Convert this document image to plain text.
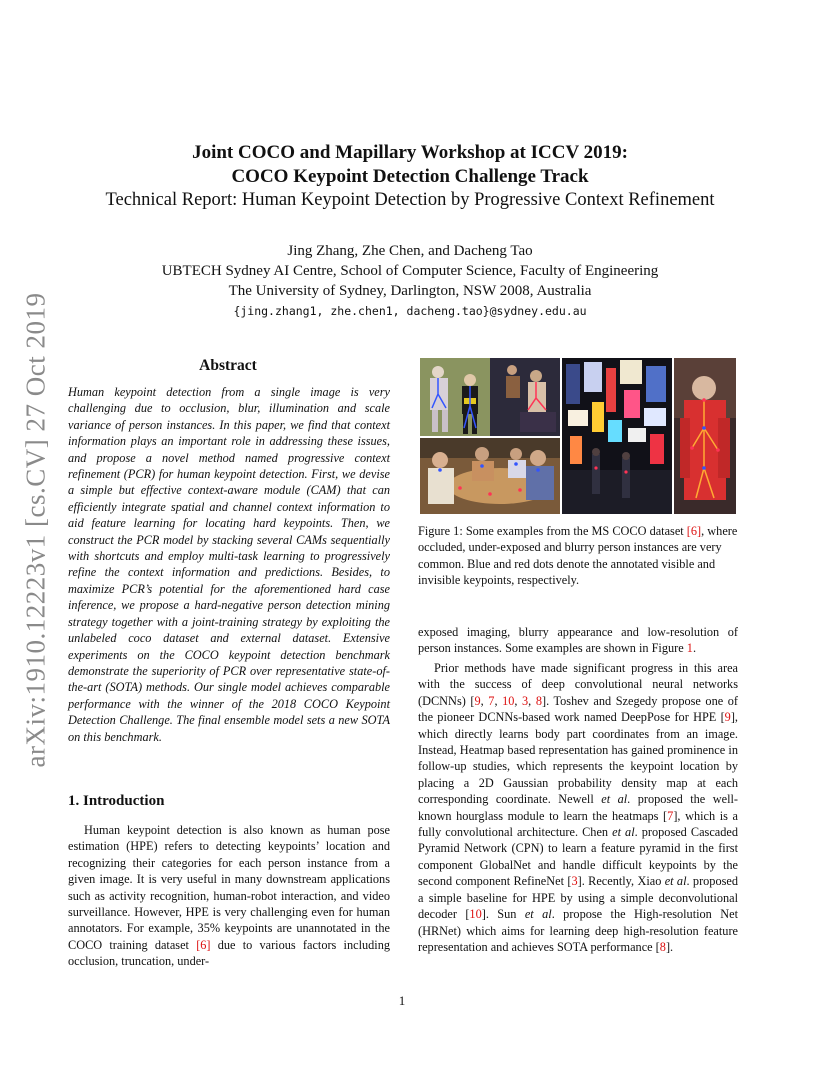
arXiv:1910.12223v1 [cs.CV] 27 Oct 2019
Joint COCO and Mapillary Workshop at ICCV 2019:
COCO Keypoint Detection Challenge Track
Technical Report: Human Keypoint Detection by Progressive Context Refinement
Jing Zhang, Zhe Chen, and Dacheng Tao
UBTECH Sydney AI Centre, School of Computer Science, Faculty of Engineering
The University of Sydney, Darlington, NSW 2008, Australia
{jing.zhang1, zhe.chen1, dacheng.tao}@sydney.edu.au
Abstract

Human keypoint detection from a single image is very challenging due to occlusion, blur, illumination and scale variance of person instances. In this paper, we find that context information plays an important role in addressing these issues, and propose a novel method named progressive context refinement (PCR) for human keypoint detection. First, we devise a simple but effective context-aware module (CAM) that can efficiently integrate spatial and channel context information to aid feature learning for locating hard keypoints. Then, we construct the PCR model by stacking several CAMs sequentially with shortcuts and employ multi-task learning to progressively refine the context information and predictions. Besides, to maximize PCR’s potential for the aforementioned hard case inference, we propose a hard-negative person detection mining strategy together with a joint-training strategy by exploiting the unlabeled coco dataset and external dataset. Extensive experiments on the COCO keypoint detection benchmark demonstrate the superiority of PCR over representative state-of-the-art (SOTA) methods. Our single model achieves comparable performance with the winner of the 2018 COCO Keypoint Detection Challenge. The final ensemble model sets a new SOTA on this benchmark.

1. Introduction

Human keypoint detection is also known as human pose estimation (HPE) refers to detecting keypoints’ location and recognizing their categories for each person instance from a given image. It is very useful in many downstream applications such as activity recognition, human-robot interaction, and video surveillance. However, HPE is very challenging even for human annotators. For example, 35% keypoints are unannotated in the COCO training dataset [6] due to various factors including occlusion, truncation, under-

Figure 1: Some examples from the MS COCO dataset [6], where occluded, under-exposed and blurry person instances are very common. Blue and red dots denote the annotated visible and invisible keypoints, respectively.

exposed imaging, blurry appearance and low-resolution of person instances. Some examples are shown in Figure 1.

Prior methods have made significant progress in this area with the success of deep convolutional neural networks (DCNNs) [9, 7, 10, 3, 8]. Toshev and Szegedy propose one of the pioneer DCNNs-based work named DeepPose for HPE [9], which directly learns body part coordinates from an image. Instead, Heatmap based representation has gained prominence in follow-up studies, which represents the keypoint location by placing a 2D Gaussian probability density map at each corresponding coordinate. Newell et al. proposed the well-known hourglass module to learn the heatmaps [7], which is a fully convolutional architecture. Chen et al. proposed Cascaded Pyramid Network (CPN) to learn a feature pyramid in the first component GlobalNet and handle difficult keypoints by the second component RefineNet [3]. Recently, Xiao et al. proposed a simple baseline for HPE by using a simple deconvolutional decoder [10]. Sun et al. propose the High-resolution Net (HRNet) which aims for learning deep high-resolution feature representation and achieves SOTA performance [8].

1
